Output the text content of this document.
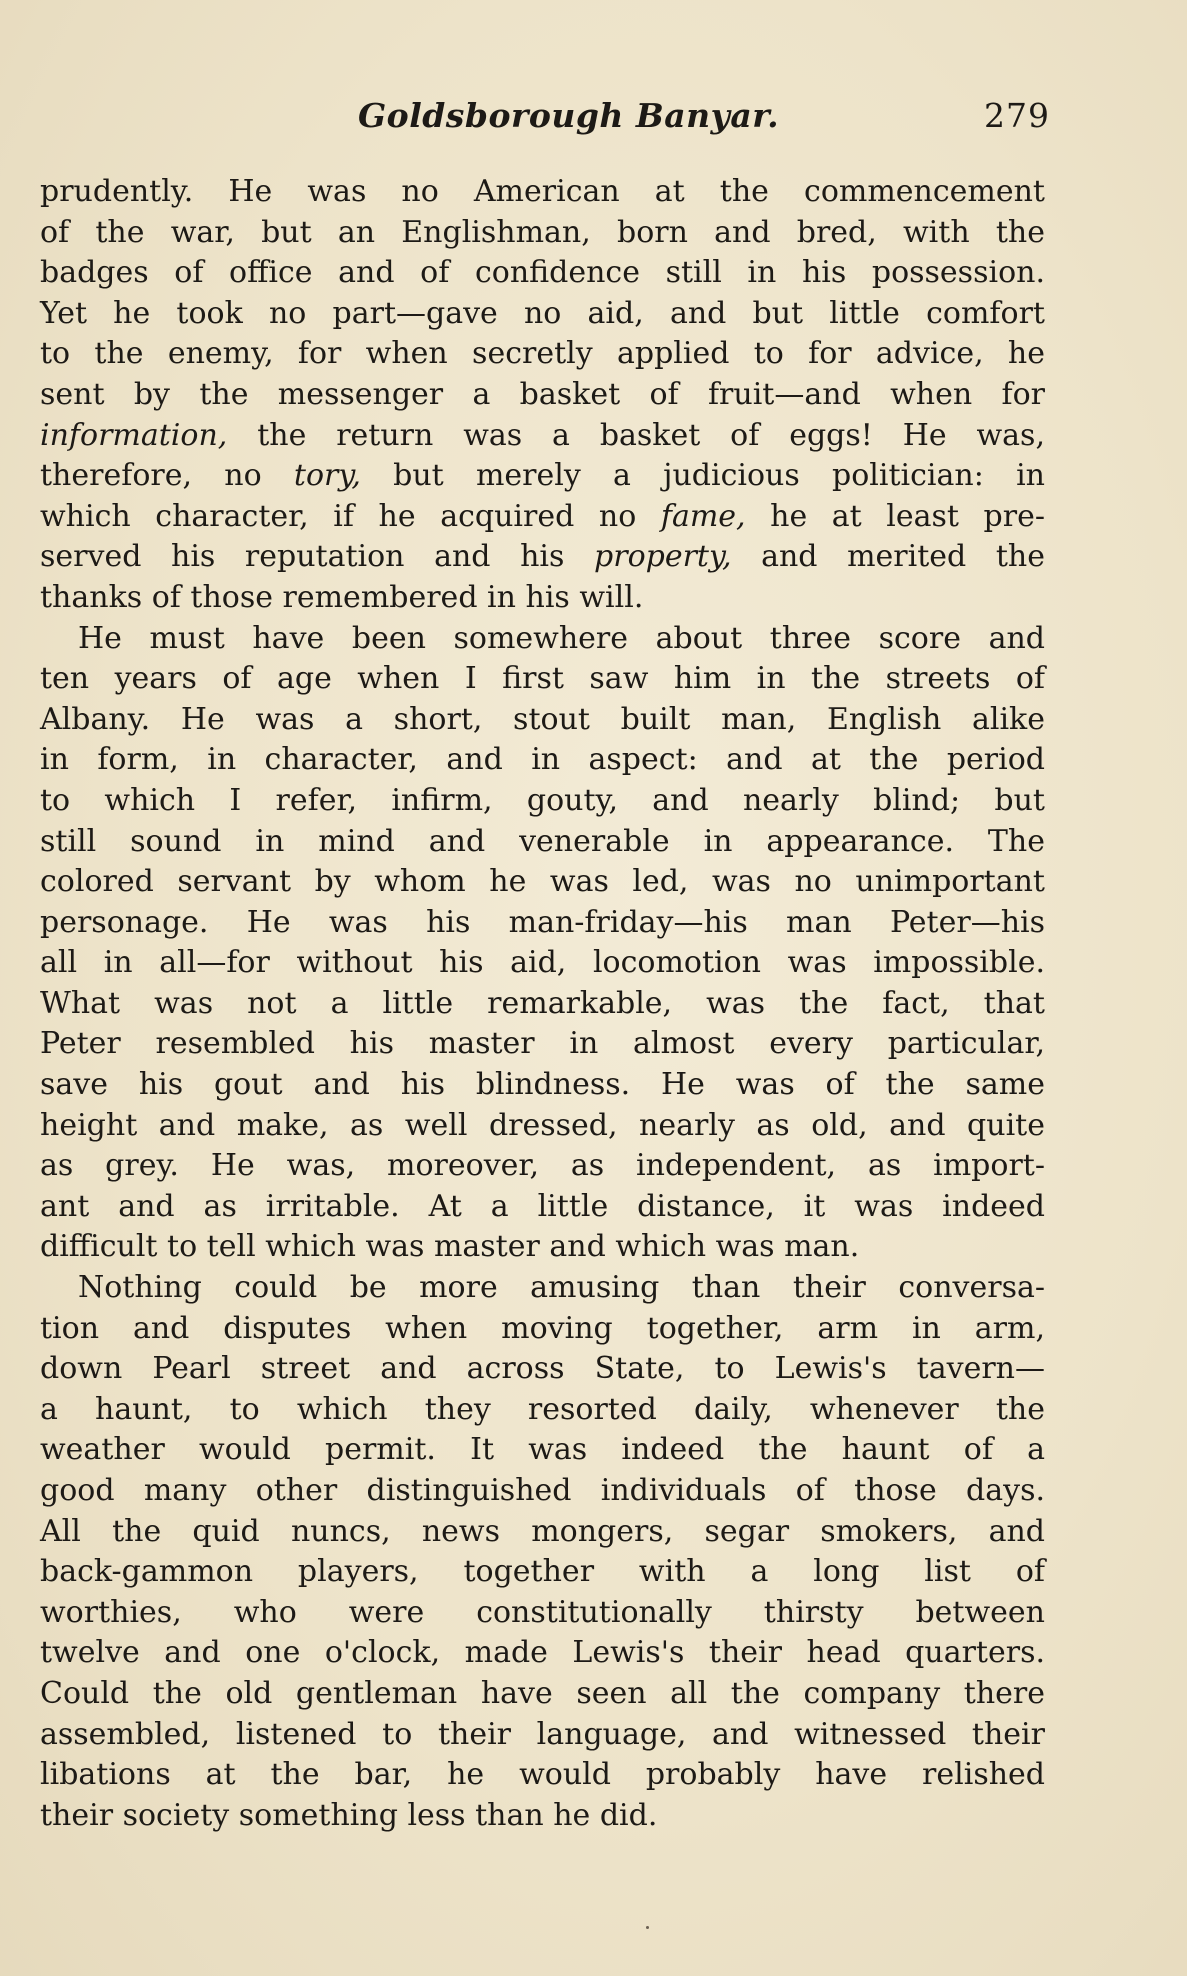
Goldsborough Banyar.	279
prudently. He was no American at the commencement
of the war, but an Englishman, born and bred, with the
badges of office and of confidence still in his possession.
Yet he took no part—gave no aid, and but little comfort
to the enemy, for when secretly applied to for advice, he
sent by the messenger a basket of fruit—and when for
information, the return was a basket of eggs! He was,
therefore, no tory, but merely a judicious politician: in
which character, if he acquired no fame, he at least pre-
served his reputation and his property, and merited the
thanks of those remembered in his will.
He must have been somewhere about three score and
ten years of age when I first saw him in the streets of
Albany. He was a short, stout built man, English alike
in form, in character, and in aspect: and at the period
to which I refer, infirm, gouty, and nearly blind; but
still sound in mind and venerable in appearance. The
colored servant by whom he was led, was no unimportant
personage. He was his man-friday—his man Peter—his
all in all—for without his aid, locomotion was impossible.
What was not a little remarkable, was the fact, that
Peter resembled his master in almost every particular,
save his gout and his blindness. He was of the same
height and make, as well dressed, nearly as old, and quite
as grey. He was, moreover, as independent, as import-
ant and as irritable. At a little distance, it was indeed
difficult to tell which was master and which was man.
Nothing could be more amusing than their conversa-
tion and disputes when moving together, arm in arm,
down Pearl street and across State, to Lewis's tavern—
a haunt, to which they resorted daily, whenever the
weather would permit. It was indeed the haunt of a
good many other distinguished individuals of those days.
All the quid nuncs, news mongers, segar smokers, and
back-gammon players, together with a long list of
worthies, who were constitutionally thirsty between
twelve and one o'clock, made Lewis's their head quarters.
Could the old gentleman have seen all the company there
assembled, listened to their language, and witnessed their
libations at the bar, he would probably have relished
their society something less than he did.
